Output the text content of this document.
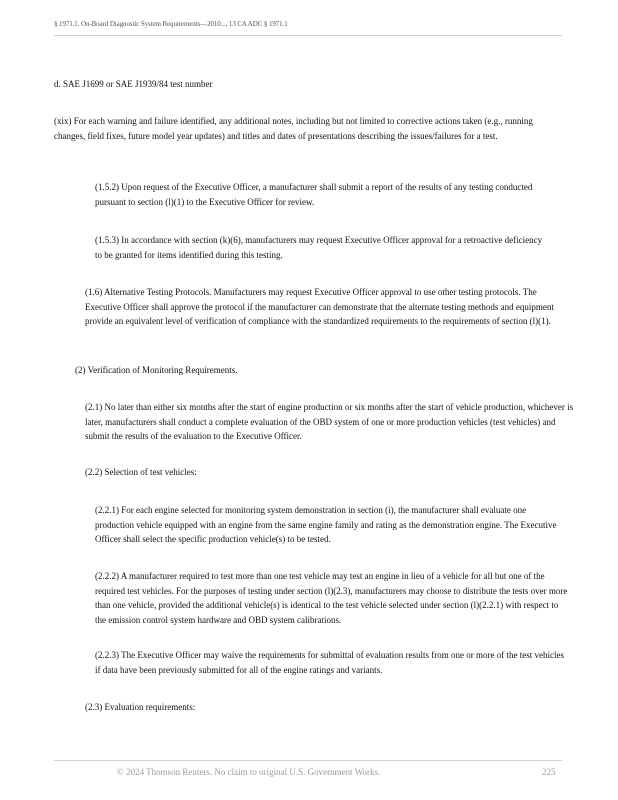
§ 1971.1. On-Board Diagnostic System Requirements—2010..., 13 CA ADC § 1971.1

d. SAE J1699 or SAE J1939/84 test number

(xix) For each warning and failure identified, any additional notes, including but not limited to corrective actions taken (e.g., running changes, field fixes, future model year updates) and titles and dates of presentations describing the issues/failures for a test.

(1.5.2) Upon request of the Executive Officer, a manufacturer shall submit a report of the results of any testing conducted pursuant to section (l)(1) to the Executive Officer for review.

(1.5.3) In accordance with section (k)(6), manufacturers may request Executive Officer approval for a retroactive deficiency to be granted for items identified during this testing.

(1.6) Alternative Testing Protocols. Manufacturers may request Executive Officer approval to use other testing protocols. The Executive Officer shall approve the protocol if the manufacturer can demonstrate that the alternate testing methods and equipment provide an equivalent level of verification of compliance with the standardized requirements to the requirements of section (l)(1).

(2) Verification of Monitoring Requirements.

(2.1) No later than either six months after the start of engine production or six months after the start of vehicle production, whichever is later, manufacturers shall conduct a complete evaluation of the OBD system of one or more production vehicles (test vehicles) and submit the results of the evaluation to the Executive Officer.

(2.2) Selection of test vehicles:

(2.2.1) For each engine selected for monitoring system demonstration in section (i), the manufacturer shall evaluate one production vehicle equipped with an engine from the same engine family and rating as the demonstration engine. The Executive Officer shall select the specific production vehicle(s) to be tested.

(2.2.2) A manufacturer required to test more than one test vehicle may test an engine in lieu of a vehicle for all but one of the required test vehicles. For the purposes of testing under section (l)(2.3), manufacturers may choose to distribute the tests over more than one vehicle, provided the additional vehicle(s) is identical to the test vehicle selected under section (l)(2.2.1) with respect to the emission control system hardware and OBD system calibrations.

(2.2.3) The Executive Officer may waive the requirements for submittal of evaluation results from one or more of the test vehicles if data have been previously submitted for all of the engine ratings and variants.

(2.3) Evaluation requirements:

© 2024 Thomson Reuters. No claim to original U.S. Government Works.	225
